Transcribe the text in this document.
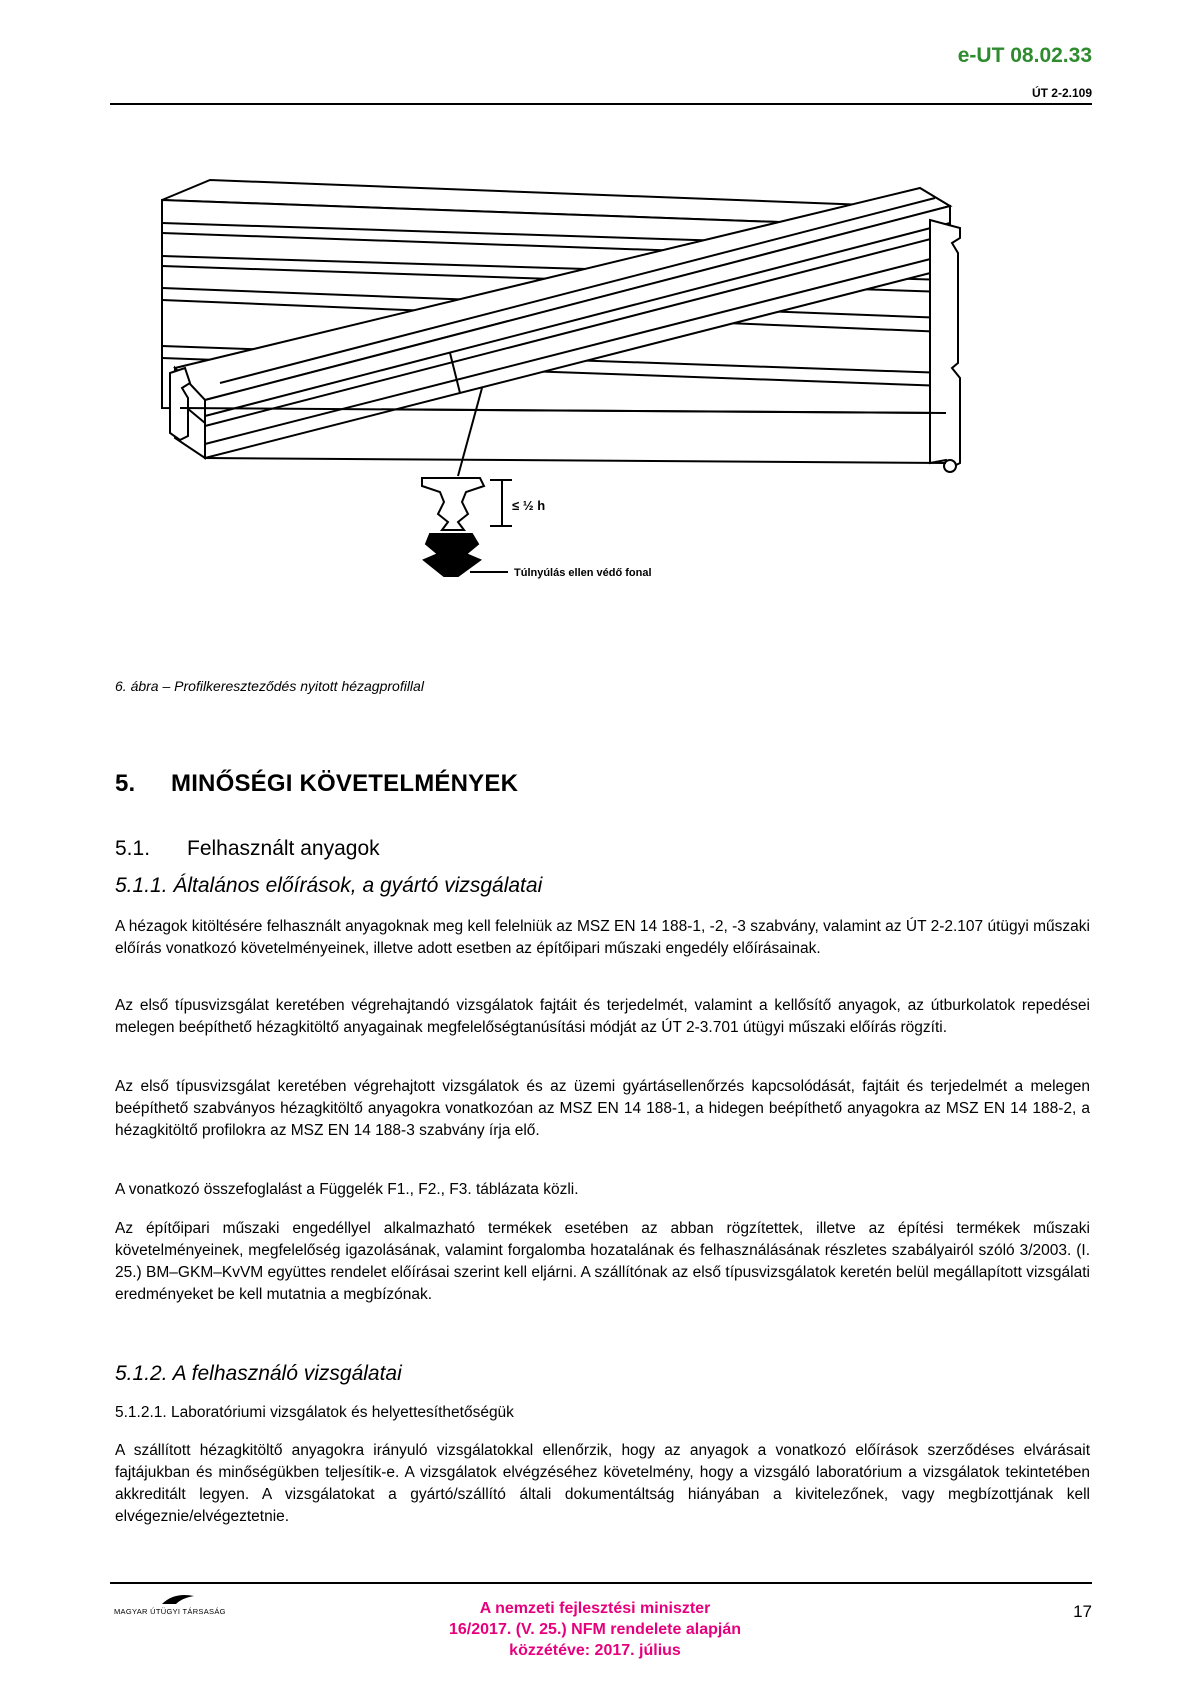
e-UT 08.02.33
ÚT 2-2.109
≤ ½ h
Túlnyúlás ellen védő fonal
6. ábra – Profilkereszteződés nyitott hézagprofillal
5. MINŐSÉGI KÖVETELMÉNYEK
5.1. Felhasznált anyagok
5.1.1. Általános előírások, a gyártó vizsgálatai

A hézagok kitöltésére felhasznált anyagoknak meg kell felelniük az MSZ EN 14 188-1, -2, -3 szabvány, valamint az ÚT 2-2.107 útügyi műszaki előírás vonatkozó követelményeinek, illetve adott esetben az építőipari műszaki engedély előírásainak.

Az első típusvizsgálat keretében végrehajtandó vizsgálatok fajtáit és terjedelmét, valamint a kellősítő anyagok, az útburkolatok repedései melegen beépíthető hézagkitöltő anyagainak megfelelőségtanúsítási módját az ÚT 2-3.701 útügyi műszaki előírás rögzíti.

Az első típusvizsgálat keretében végrehajtott vizsgálatok és az üzemi gyártásellenőrzés kapcsolódását, fajtáit és terjedelmét a melegen beépíthető szabványos hézagkitöltő anyagokra vonatkozóan az MSZ EN 14 188-1, a hidegen beépíthető anyagokra az MSZ EN 14 188-2, a hézagkitöltő profilokra az MSZ EN 14 188-3 szabvány írja elő.

A vonatkozó összefoglalást a Függelék F1., F2., F3. táblázata közli.

Az építőipari műszaki engedéllyel alkalmazható termékek esetében az abban rögzítettek, illetve az építési termékek műszaki követelményeinek, megfelelőség igazolásának, valamint forgalomba hozatalának és felhasználásának részletes szabályairól szóló 3/2003. (I. 25.) BM–GKM–KvVM együttes rendelet előírásai szerint kell eljárni. A szállítónak az első típusvizsgálatok keretén belül megállapított vizsgálati eredményeket be kell mutatnia a megbízónak.

5.1.2. A felhasználó vizsgálatai
5.1.2.1. Laboratóriumi vizsgálatok és helyettesíthetőségük

A szállított hézagkitöltő anyagokra irányuló vizsgálatokkal ellenőrzik, hogy az anyagok a vonatkozó előírások szerződéses elvárásait fajtájukban és minőségükben teljesítik-e. A vizsgálatok elvégzéséhez követelmény, hogy a vizsgáló laboratórium a vizsgálatok tekintetében akkreditált legyen. A vizsgálatokat a gyártó/szállító általi dokumentáltság hiányában a kivitelezőnek, vagy megbízottjának kell elvégeznie/elvégeztetnie.

MAGYAR ÚTÜGYI TÁRSASÁG	A nemzeti fejlesztési miniszter
16/2017. (V. 25.) NFM rendelete alapján
közzétéve: 2017. július
17
